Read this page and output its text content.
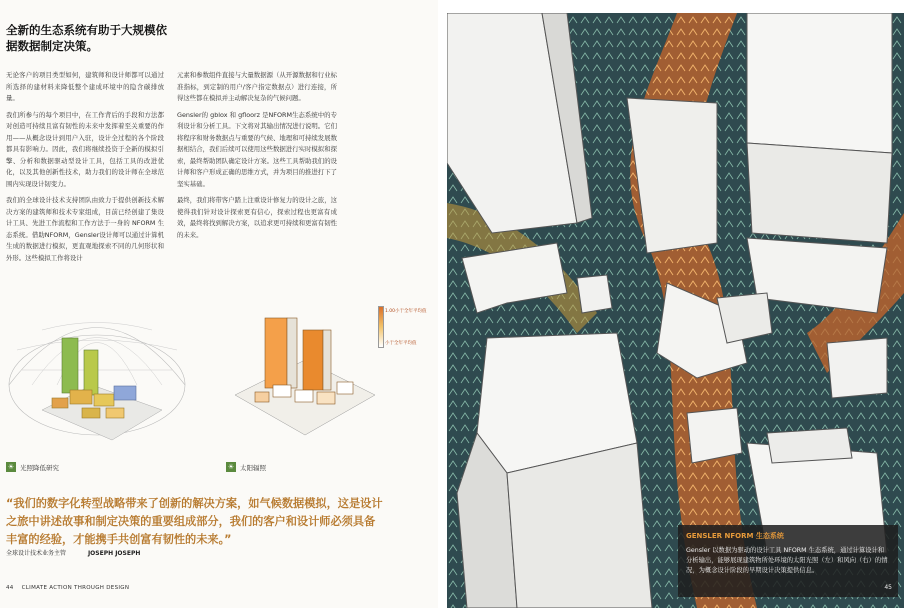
全新的生态系统有助于大规模依据数据制定决策。

无论客户的项目类型如何，建筑师和设计师都可以通过所选择的建材料来降低整个建成环境中的隐含碳排放量。

我们所参与的每个项目中，在工作背后的手段和方法都对创造可持续且富有韧性的未来中发挥着至关重要的作用——从概念设计到用户入驻，设计全过程的各个阶段都具有影响力。因此，我们将继续投资于全新的模拟引擎、分析和数据驱动型设计工具，包括工具的改进优化，以及其他创新性技术，助力我们的设计师在全球范围内实现设计韧变力。

我们的全球设计技术支持团队由致力于提供创新技术解决方案的建筑师和技术专家组成，目前已经创建了集设计工具、先进工作流程和工作方法于一身的 NFORM 生态系统。借助NFORM，Gensler设计师可以通过计算机生成的数据进行模拟，更直观地探索不同的几何形状和外形。这些模拟工作将设计

元素和参数组件直接与大量数据源（从开源数据和行业标准指标，到定制的用户/客户指定数据点）进行连接，所得这些都在模拟并主动解决复杂的气候问题。

Gensler的 gblox 和 gfloorz 是NFORM生态系统中的专利设计和分析工具。下文将对其输出情况进行说明。它们将程序和财务数据点与重要的气候、地理和可持续发展数据相结合，我们后续可以使用这些数据进行实时模拟和探索，最终帮助团队确定设计方案。这些工具帮助我们的设计师和客户形成正确的思维方式，并为项目的推进打下了坚实基础。

最终，我们将带客户踏上注重设计修复力的设计之旅，这使得我们针对设计探索更有信心，探索过程也更富有成效，最终将找到解决方案，以追求更可持续和更富有韧性的未来。

1.00小于全年平均值
小于全年平均值
☀ 光照降低研究	☀ 太阳辐照
“我们的数字化转型战略带来了创新的解决方案，如气候数据模拟，这是设计之旅中讲述故事和制定决策的重要组成部分，我们的客户和设计师必须具备丰富的经验，才能携手共创富有韧性的未来。”
全球设计技术业务主管	JOSEPH JOSEPH
44 CLIMATE ACTION THROUGH DESIGN
GENSLER NFORM 生态系统
Gensler 以数据为驱动的设计工具 NFORM 生态系统，通过计算设计和分析输出，能够展现建筑物所处环境的太阳光照（左）和风向（右）的情况，为概念设计阶段的早期设计决策提供信息。
45
